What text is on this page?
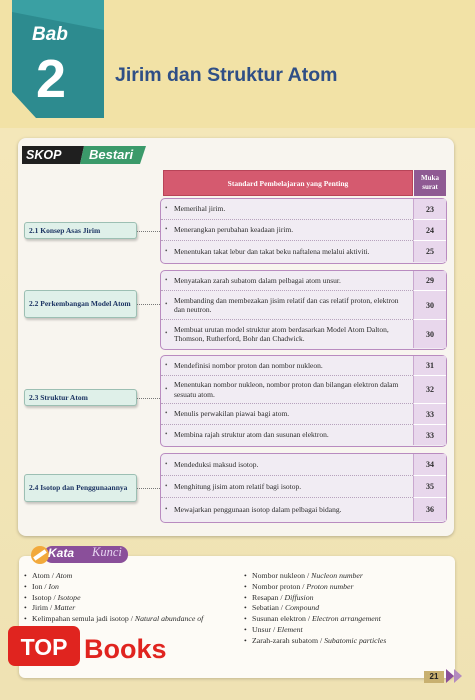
Bab
2	Jirim dan Struktur Atom
SKOP Bestari
Standard Pembelajaran yang Penting
Muka surat
• Memerihal jirim.
• Menerangkan perubahan keadaan jirim.
• Menentukan takat lebur dan takat beku naftalena melalui aktiviti.
23
24
25
2.1 Konsep Asas Jirim
• Menyatakan zarah subatom dalam pelbagai atom unsur.
• Membanding dan membezakan jisim relatif dan cas relatif proton, elektron dan neutron.
• Membuat urutan model struktur atom berdasarkan Model Atom Dalton, Thomson, Rutherford, Bohr dan Chadwick.
29
30
30
2.2 Perkembangan Model Atom
• Mendefinisi nombor proton dan nombor nukleon.
• Menentukan nombor nukleon, nombor proton dan bilangan elektron dalam sesuatu atom.
• Menulis perwakilan piawai bagi atom.
• Membina rajah struktur atom dan susunan elektron.
31
32
33
33
2.3 Struktur Atom
• Mendeduksi maksud isotop.
• Menghitung jisim atom relatif bagi isotop.
• Mewajarkan penggunaan isotop dalam pelbagai bidang.
34
35
36
2.4 Isotop dan Penggunaannya
Kata Kunci
• Atom / Atom
• Ion / Ion
• Isotop / Isotope
• Jirim / Matter
• Kelimpahan semula jadi isotop / Natural abundance of
• Nombor nukleon / Nucleon number
• Nombor proton / Proton number
• Resapan / Diffusion
• Sebatian / Compound
• Susunan elektron / Electron arrangement
• Unsur / Element
• Zarah-zarah subatom / Subatomic particles
TOP Books
21
